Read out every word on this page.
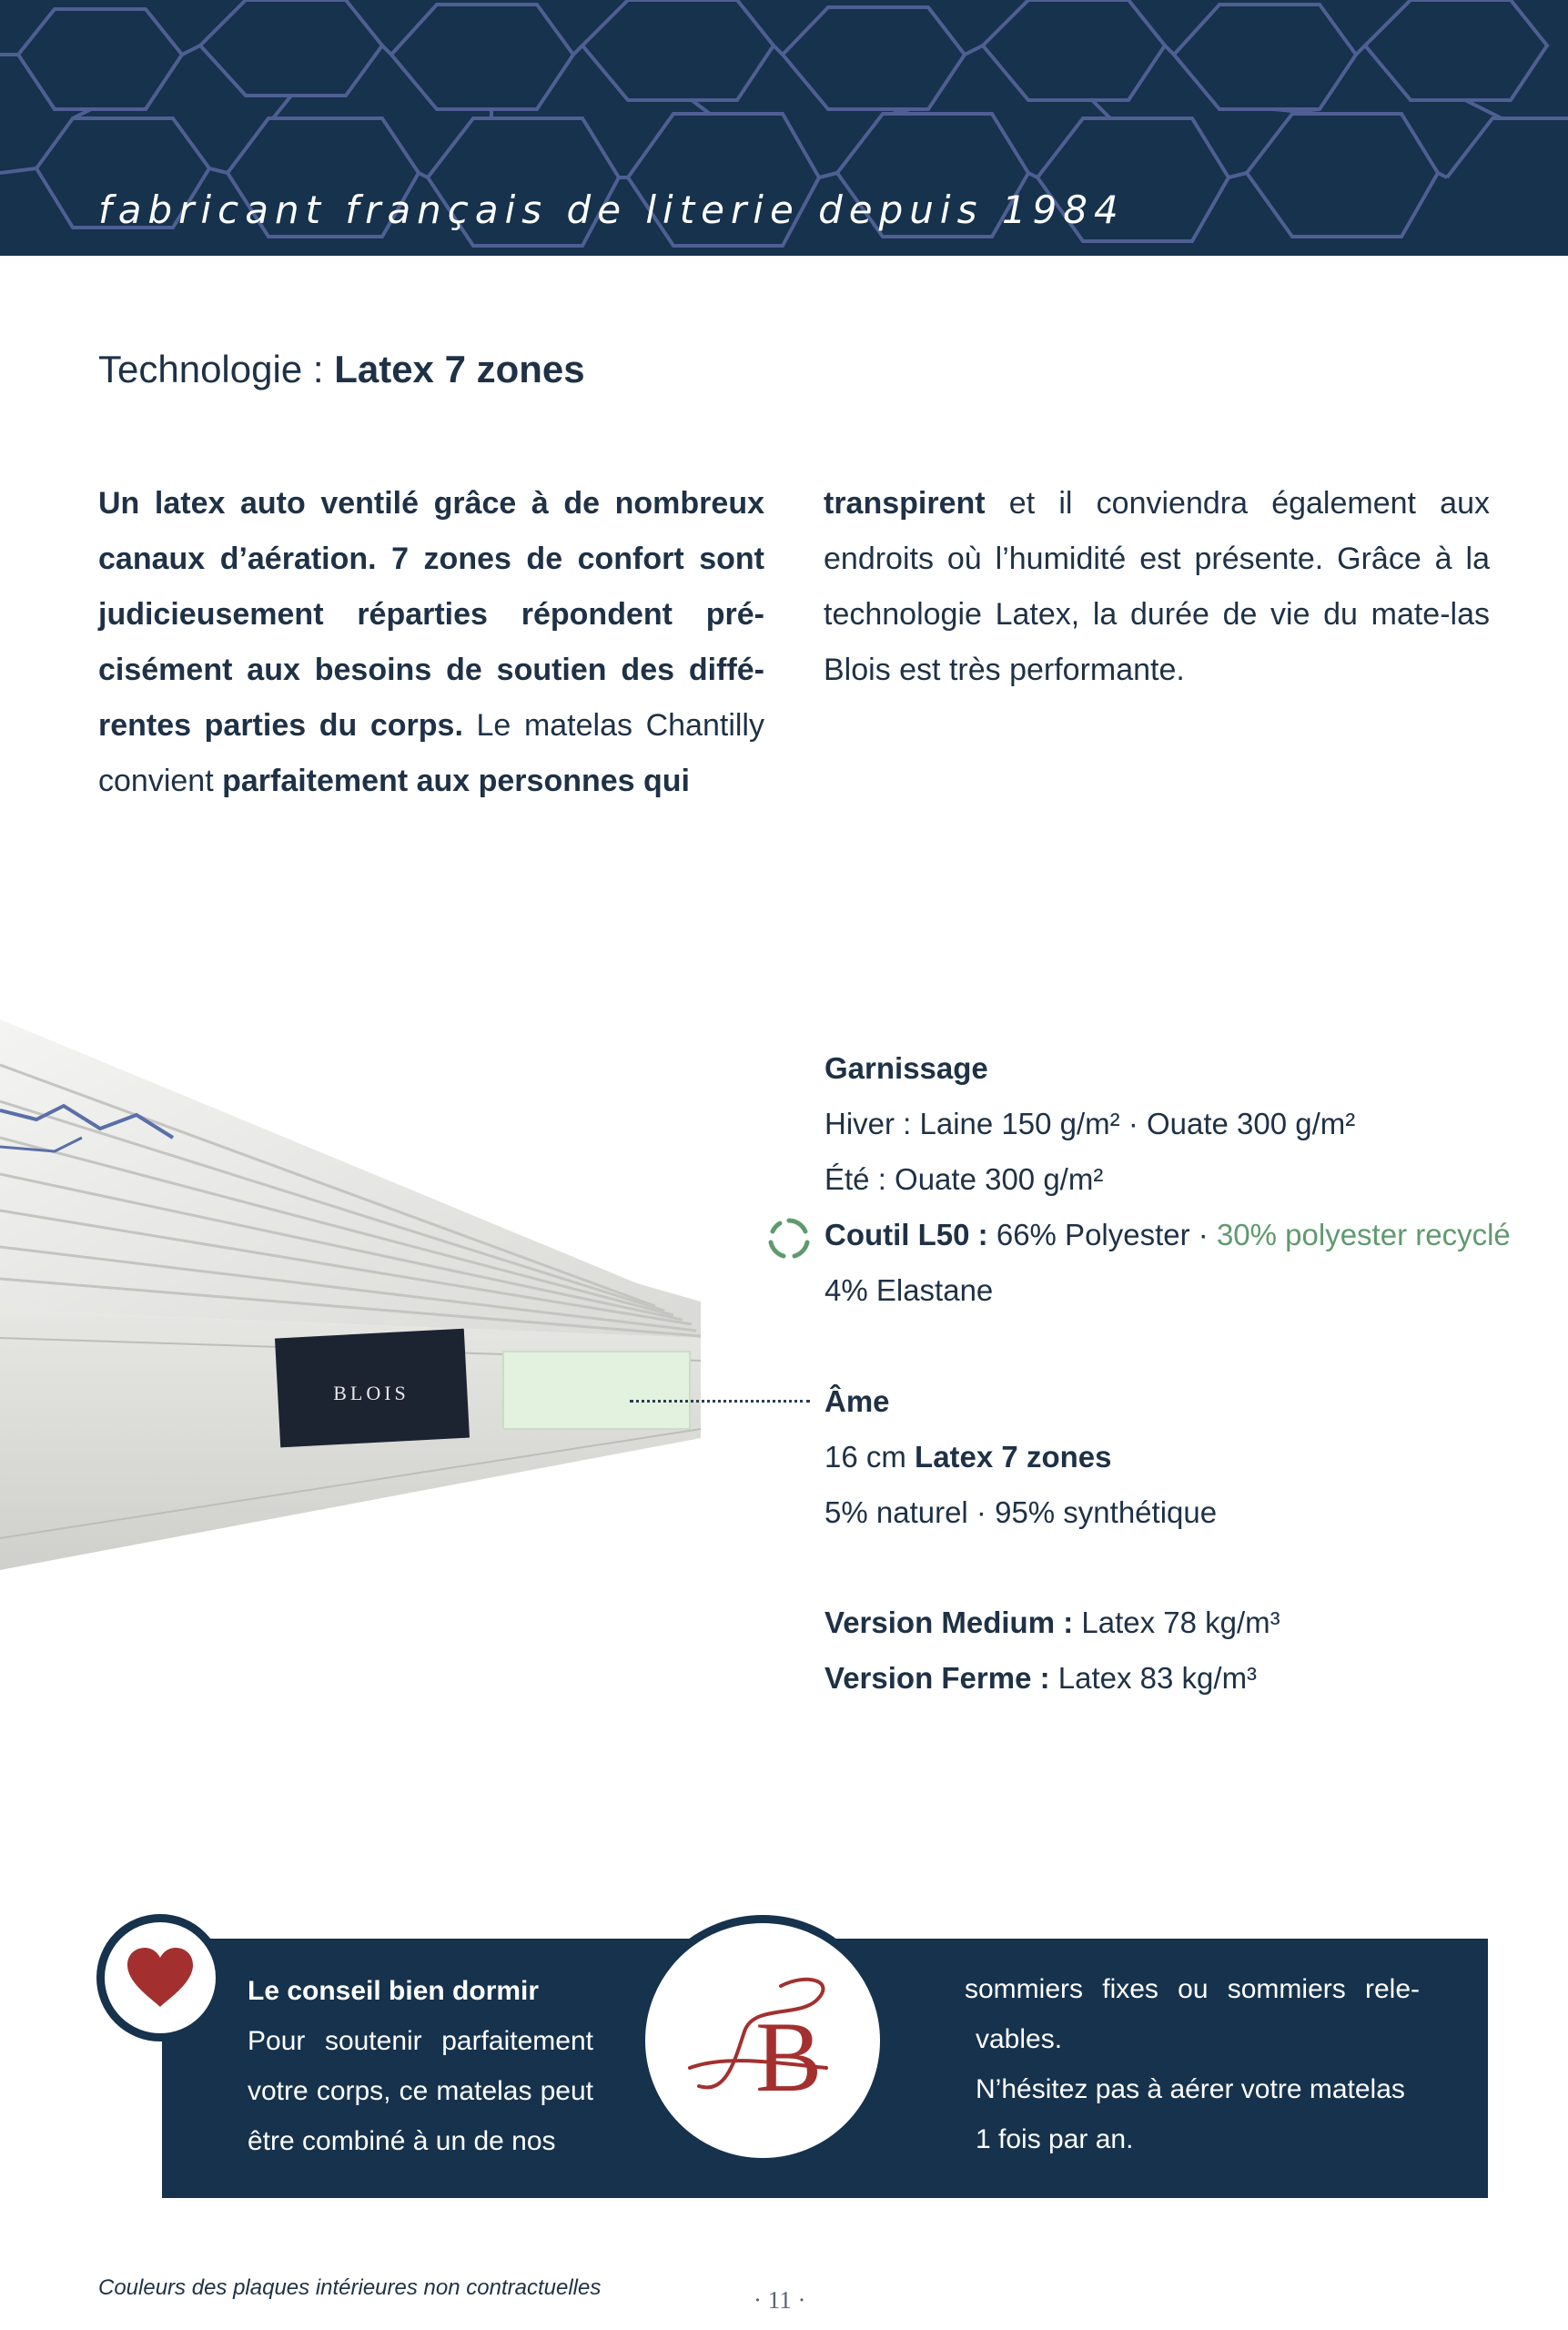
fabricant français de literie depuis 1984
Technologie : Latex 7 zones
Un latex auto ventilé grâce à de nombreux canaux d’aération. 7 zones de confort sont judicieusement réparties répondent pré-cisément aux besoins de soutien des diffé-rentes parties du corps. Le matelas Chantilly convient parfaitement aux personnes qui
transpirent et il conviendra également aux endroits où l’humidité est présente. Grâce à la technologie Latex, la durée de vie du mate-las Blois est très performante.
BLOIS
Garnissage
Hiver : Laine 150 g/m² · Ouate 300 g/m²
Été : Ouate 300 g/m²
Coutil L50 : 66% Polyester · 30% polyester recyclé
4% Elastane
Âme
16 cm Latex 7 zones
5% naturel · 95% synthétique
Version Medium : Latex 78 kg/m³
Version Ferme : Latex 83 kg/m³
Le conseil bien dormir
Pour soutenir parfaitement votre corps, ce matelas peut être combiné à un de nos
B
sommiers fixes ou sommiers rele-
vables.
N’hésitez pas à aérer votre matelas
1 fois par an.
Couleurs des plaques intérieures non contractuelles	· 11 ·
